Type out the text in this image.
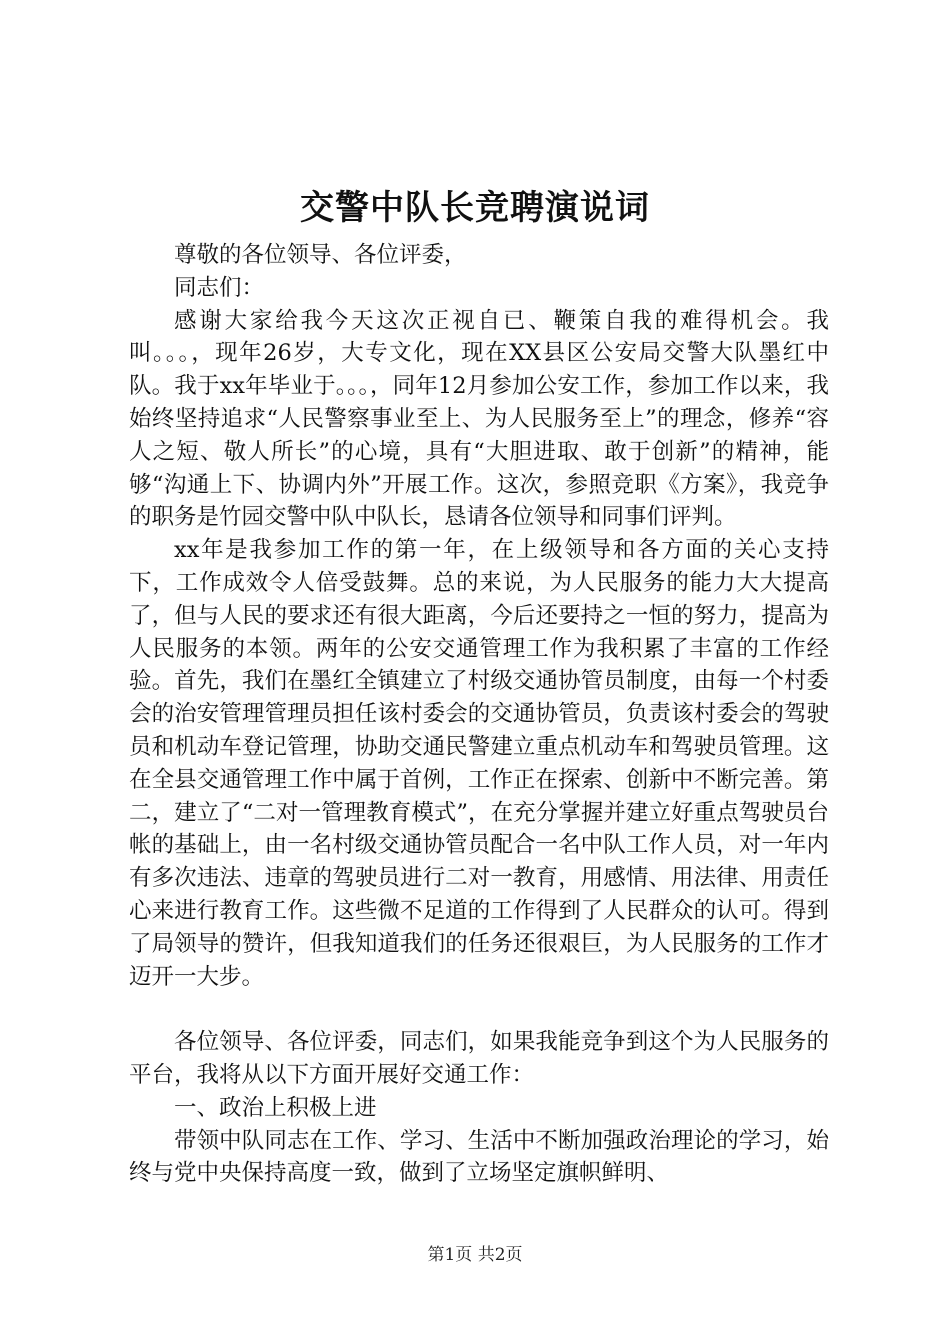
交警中队长竞聘演说词

尊敬的各位领导、各位评委，

同志们：

感谢大家给我今天这次正视自已、鞭策自我的难得机会。我叫。。。，现年26岁，大专文化，现在XX县区公安局交警大队墨红中队。我于xx年毕业于。。。，同年12月参加公安工作，参加工作以来，我始终坚持追求“人民警察事业至上、为人民服务至上”的理念，修养“容人之短、敬人所长”的心境，具有“大胆进取、敢于创新”的精神，能够“沟通上下、协调内外”开展工作。这次，参照竞职《方案》，我竞争的职务是竹园交警中队中队长，恳请各位领导和同事们评判。

xx年是我参加工作的第一年，在上级领导和各方面的关心支持下，工作成效令人倍受鼓舞。总的来说，为人民服务的能力大大提高了，但与人民的要求还有很大距离，今后还要持之一恒的努力，提高为人民服务的本领。两年的公安交通管理工作为我积累了丰富的工作经验。首先，我们在墨红全镇建立了村级交通协管员制度，由每一个村委会的治安管理管理员担任该村委会的交通协管员，负责该村委会的驾驶员和机动车登记管理，协助交通民警建立重点机动车和驾驶员管理。这在全县交通管理工作中属于首例，工作正在探索、创新中不断完善。第二，建立了“二对一管理教育模式”，在充分掌握并建立好重点驾驶员台帐的基础上，由一名村级交通协管员配合一名中队工作人员，对一年内有多次违法、违章的驾驶员进行二对一教育，用感情、用法律、用责任心来进行教育工作。这些微不足道的工作得到了人民群众的认可。得到了局领导的赞许，但我知道我们的任务还很艰巨，为人民服务的工作才迈开一大步。

各位领导、各位评委，同志们，如果我能竞争到这个为人民服务的平台，我将从以下方面开展好交通工作：

一、政治上积极上进

带领中队同志在工作、学习、生活中不断加强政治理论的学习，始终与党中央保持高度一致，做到了立场坚定旗帜鲜明、

第1页 共2页
